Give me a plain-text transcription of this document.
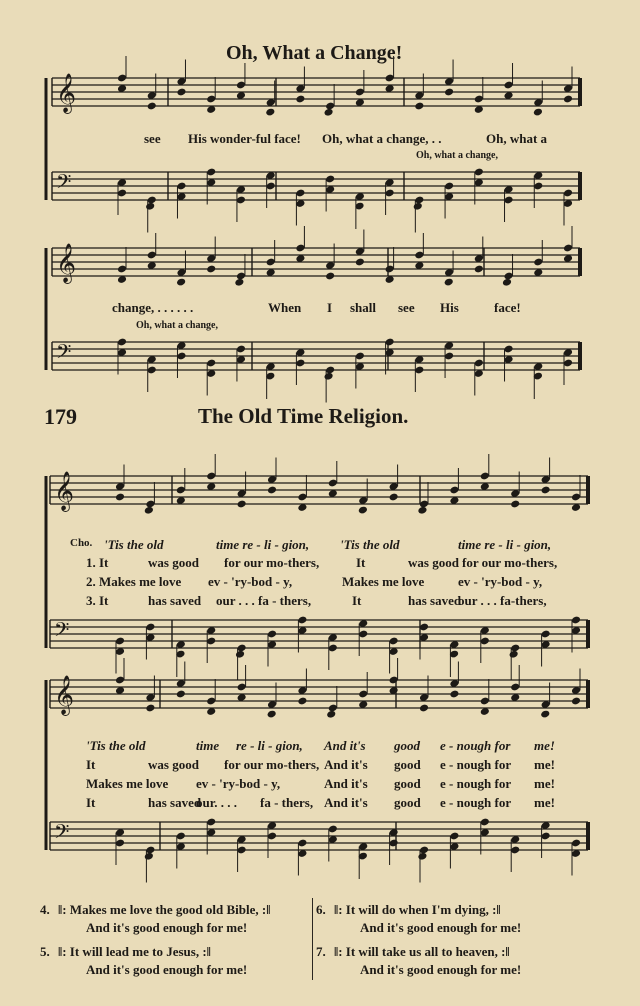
𝄞
𝄢
𝄞
𝄢
𝄞
𝄢
𝄞
𝄢
Oh, What a Change!
see His wonder-ful face! Oh, what a change, . .	Oh, what a
Oh, what a change,
change, . . . . . .	When I shall see His	face!
Oh, what a change,
179	The Old Time Religion.
Cho. 'Tis the old	time re - li - gion, 'Tis the old	time re - li - gion,
1. It	was good for our mo-thers,	It	was good for our mo-thers,
2. Makes me love ev - 'ry-bod - y,	Makes me love	ev - 'ry-bod - y,
3. It	has saved our . . . fa - thers,	It	has saved
our . . . fa-thers,
'Tis the old	time re - li - gion, And it's good e - nough for me!
It	was good for our mo-thers, And it's good e - nough for me!
Makes me love ev - 'ry-bod - y,	And it's good e - nough for me!
It	has saved
our. . . . fa - thers, And it's good e - nough for me!
4. ‖: Makes me love the good old Bible, :‖
And it's good enough for me!
5. ‖: It will lead me to Jesus, :‖
And it's good enough for me!
6. ‖: It will do when I'm dying, :‖
And it's good enough for me!
7. ‖: It will take us all to heaven, :‖
And it's good enough for me!
